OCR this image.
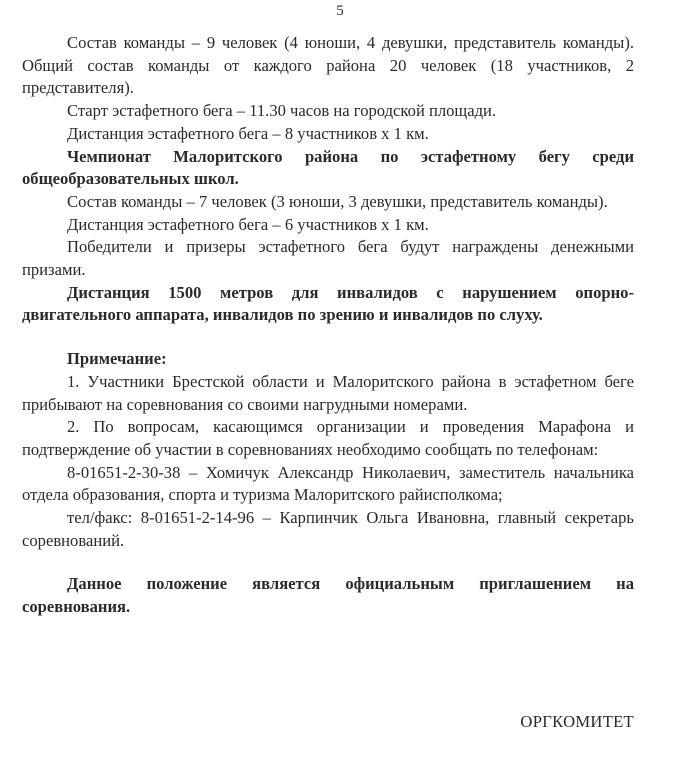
5

Состав команды – 9 человек (4 юноши, 4 девушки, представитель команды). Общий состав команды от каждого района 20 человек (18 участников, 2 представителя).

Старт эстафетного бега – 11.30 часов на городской площади.

Дистанция эстафетного бега – 8 участников х 1 км.

Чемпионат Малоритского района по эстафетному бегу среди общеобразовательных школ.

Состав команды – 7 человек (3 юноши, 3 девушки, представитель команды).

Дистанция эстафетного бега – 6 участников х 1 км.

Победители и призеры эстафетного бега будут награждены денежными призами.

Дистанция 1500 метров для инвалидов с нарушением опорно-двигательного аппарата, инвалидов по зрению и инвалидов по слуху.

Примечание:

1. Участники Брестской области и Малоритского района в эстафетном беге прибывают на соревнования со своими нагрудными номерами.

2. По вопросам, касающимся организации и проведения Марафона и подтверждение об участии в соревнованиях необходимо сообщать по телефонам:

8-01651-2-30-38 – Хомичук Александр Николаевич, заместитель начальника отдела образования, спорта и туризма Малоритского райисполкома;

тел/факс: 8-01651-2-14-96 – Карпинчик Ольга Ивановна, главный секретарь соревнований.

Данное положение является официальным приглашением на соревнования.

ОРГКОМИТЕТ
